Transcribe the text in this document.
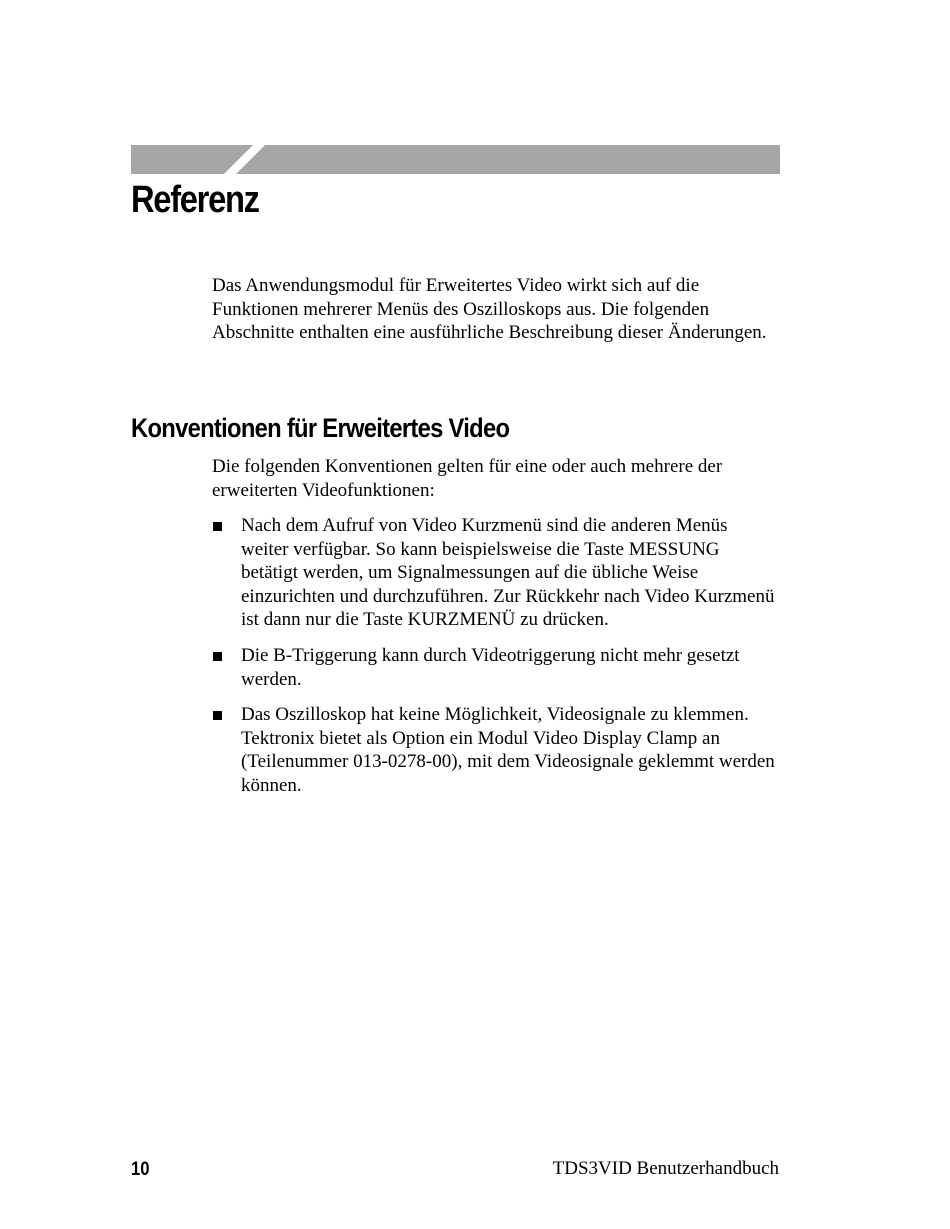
Referenz

Das Anwendungsmodul für Erweitertes Video wirkt sich auf die Funktionen mehrerer Menüs des Oszilloskops aus. Die folgenden Abschnitte enthalten eine ausführliche Beschreibung dieser Änderungen.

Konventionen für Erweitertes Video

Die folgenden Konventionen gelten für eine oder auch mehrere der erweiterten Videofunktionen:

Nach dem Aufruf von Video Kurzmenü sind die anderen Menüs weiter verfügbar. So kann beispielsweise die Taste MESSUNG betätigt werden, um Signalmessungen auf die übliche Weise einzurichten und durchzuführen. Zur Rückkehr nach Video Kurzmenü ist dann nur die Taste KURZMENÜ zu drücken.
Die B-Triggerung kann durch Videotriggerung nicht mehr gesetzt werden.
Das Oszilloskop hat keine Möglichkeit, Videosignale zu klemmen. Tektronix bietet als Option ein Modul Video Display Clamp an (Teilenummer 013-0278-00), mit dem Videosignale geklemmt werden können.
10	TDS3VID Benutzerhandbuch
